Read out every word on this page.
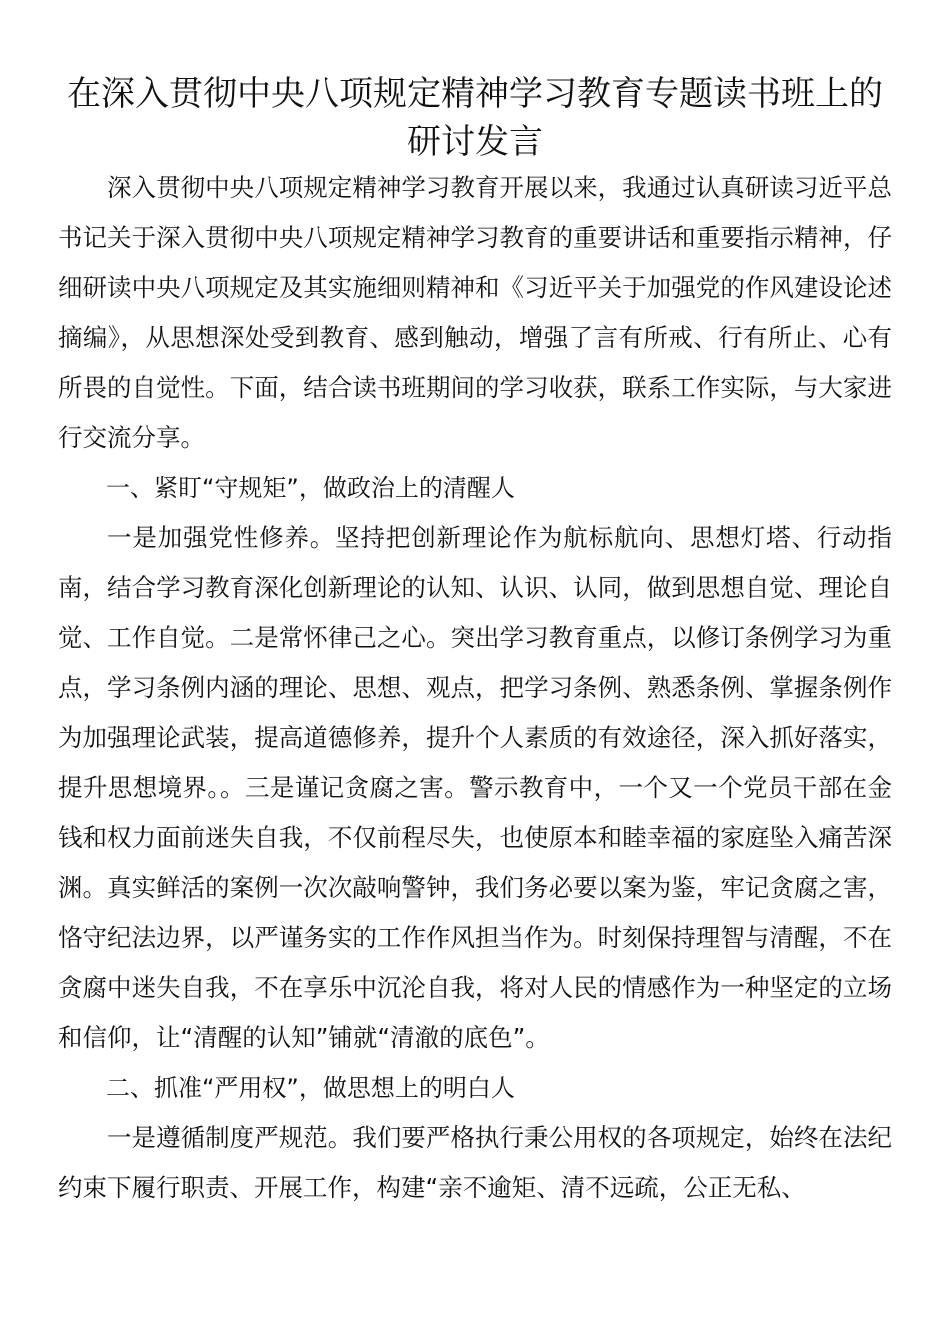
在深入贯彻中央八项规定精神学习教育专题读书班上的研讨发言

深入贯彻中央八项规定精神学习教育开展以来，我通过认真研读习近平总书记关于深入贯彻中央八项规定精神学习教育的重要讲话和重要指示精神，仔细研读中央八项规定及其实施细则精神和《习近平关于加强党的作风建设论述摘编》，从思想深处受到教育、感到触动，增强了言有所戒、行有所止、心有所畏的自觉性。下面，结合读书班期间的学习收获，联系工作实际，与大家进行交流分享。

一、紧盯“守规矩”，做政治上的清醒人

一是加强党性修养。坚持把创新理论作为航标航向、思想灯塔、行动指南，结合学习教育深化创新理论的认知、认识、认同，做到思想自觉、理论自觉、工作自觉。二是常怀律己之心。突出学习教育重点，以修订条例学习为重点，学习条例内涵的理论、思想、观点，把学习条例、熟悉条例、掌握条例作为加强理论武装，提高道德修养，提升个人素质的有效途径，深入抓好落实，提升思想境界。。三是谨记贪腐之害。警示教育中，一个又一个党员干部在金钱和权力面前迷失自我，不仅前程尽失，也使原本和睦幸福的家庭坠入痛苦深渊。真实鲜活的案例一次次敲响警钟，我们务必要以案为鉴，牢记贪腐之害，恪守纪法边界，以严谨务实的工作作风担当作为。时刻保持理智与清醒，不在贪腐中迷失自我，不在享乐中沉沦自我，将对人民的情感作为一种坚定的立场和信仰，让“清醒的认知”铺就“清澈的底色”。

二、抓准“严用权”，做思想上的明白人

一是遵循制度严规范。我们要严格执行秉公用权的各项规定，始终在法纪约束下履行职责、开展工作，构建“亲不逾矩、清不远疏，公正无私、
